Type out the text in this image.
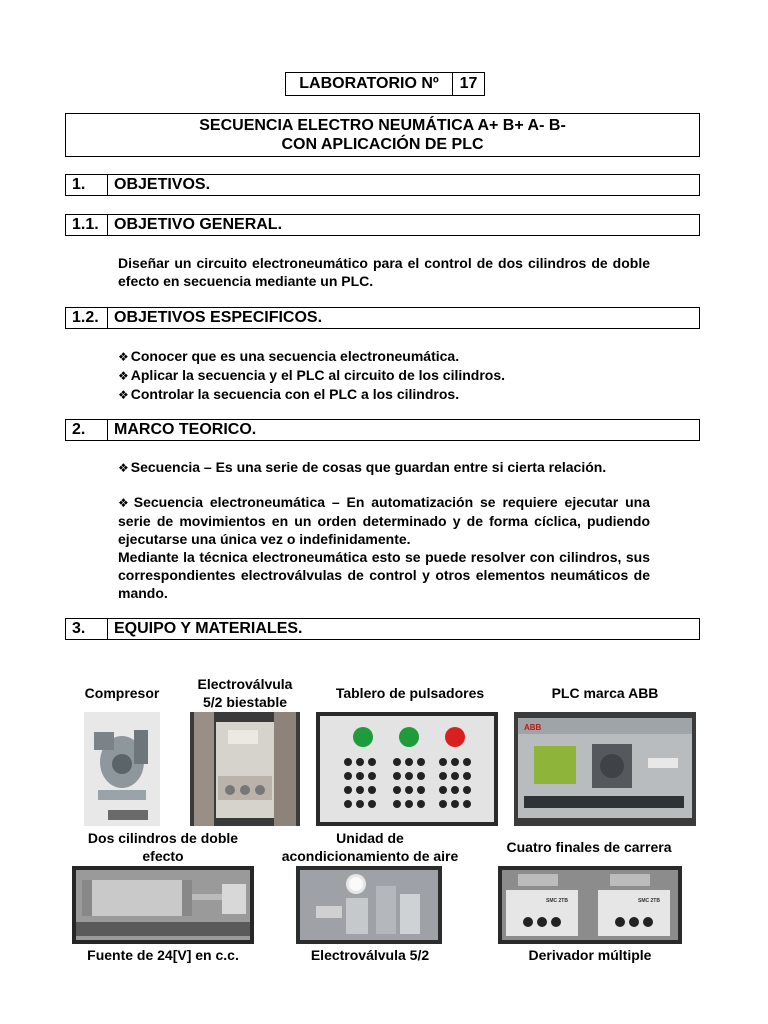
LABORATORIO Nº	17
SECUENCIA ELECTRO NEUMÁTICA A+ B+ A- B-
CON APLICACIÓN DE PLC
1.	OBJETIVOS.
1.1. OBJETIVO GENERAL.
Diseñar un circuito electroneumático para el control de dos cilindros de doble efecto en secuencia mediante un PLC.
1.2. OBJETIVOS ESPECIFICOS.

❖ Conocer que es una secuencia electroneumática.

❖ Aplicar la secuencia y el PLC al circuito de los cilindros.

❖ Controlar la secuencia con el PLC a los cilindros.

2.	MARCO TEORICO.

❖ Secuencia – Es una serie de cosas que guardan entre si cierta relación.

❖ Secuencia electroneumática – En automatización se requiere ejecutar una serie de movimientos en un orden determinado y de forma cíclica, pudiendo ejecutarse una única vez o indefinidamente.

Mediante la técnica electroneumática esto se puede resolver con cilindros, sus correspondientes electroválvulas de control y otros elementos neumáticos de mando.

3.	EQUIPO Y MATERIALES.
Compresor
Electroválvula
5/2 biestable
Tablero de pulsadores	PLC marca ABB
ABB
Dos cilindros de doble
efecto
Unidad de
acondicionamiento de aire
Cuatro finales de carrera
SMC 2TB	SMC 2TB
Fuente de 24[V] en c.c.	Electroválvula 5/2	Derivador múltiple
